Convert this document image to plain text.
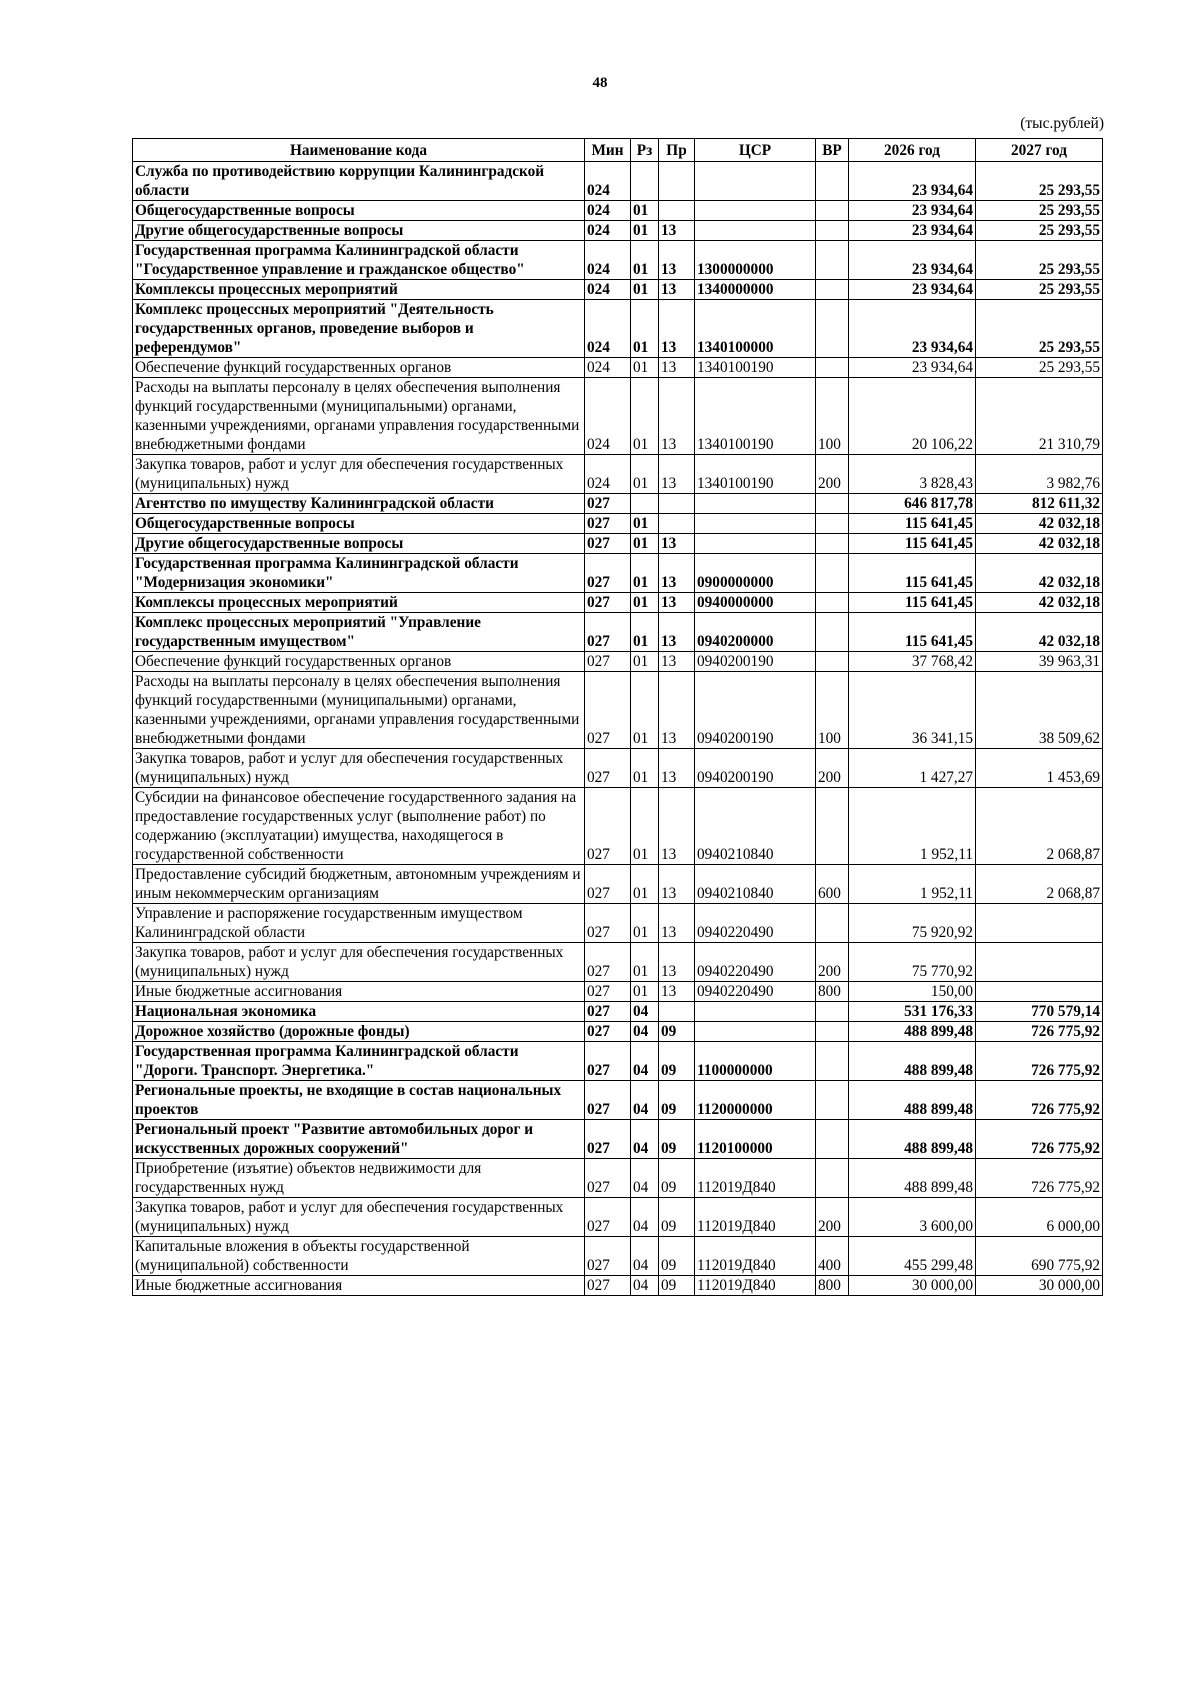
48
(тыс.рублей)
Наименование кода	Мин	Рз	Пр	ЦСР	ВР	2026 год	2027 год
Служба по противодействию коррупции Калининградской области	024					23 934,64	25 293,55
Общегосударственные вопросы	024	01				23 934,64	25 293,55
Другие общегосударственные вопросы	024	01	13			23 934,64	25 293,55
Государственная программа Калининградской области "Государственное управление и гражданское общество"	024	01	13	1300000000		23 934,64	25 293,55
Комплексы процессных мероприятий	024	01	13	1340000000		23 934,64	25 293,55
Комплекс процессных мероприятий "Деятельность государственных органов, проведение выборов и референдумов"	024	01	13	1340100000		23 934,64	25 293,55
Обеспечение функций государственных органов	024	01	13	1340100190		23 934,64	25 293,55
Расходы на выплаты персоналу в целях обеспечения выполнения функций государственными (муниципальными) органами, казенными учреждениями, органами управления государственными внебюджетными фондами	024	01	13	1340100190	100	20 106,22	21 310,79
Закупка товаров, работ и услуг для обеспечения государственных (муниципальных) нужд	024	01	13	1340100190	200	3 828,43	3 982,76
Агентство по имуществу Калининградской области	027					646 817,78	812 611,32
Общегосударственные вопросы	027	01				115 641,45	42 032,18
Другие общегосударственные вопросы	027	01	13			115 641,45	42 032,18
Государственная программа Калининградской области "Модернизация экономики"	027	01	13	0900000000		115 641,45	42 032,18
Комплексы процессных мероприятий	027	01	13	0940000000		115 641,45	42 032,18
Комплекс процессных мероприятий "Управление государственным имуществом"	027	01	13	0940200000		115 641,45	42 032,18
Обеспечение функций государственных органов	027	01	13	0940200190		37 768,42	39 963,31
Расходы на выплаты персоналу в целях обеспечения выполнения функций государственными (муниципальными) органами, казенными учреждениями, органами управления государственными внебюджетными фондами	027	01	13	0940200190	100	36 341,15	38 509,62
Закупка товаров, работ и услуг для обеспечения государственных (муниципальных) нужд	027	01	13	0940200190	200	1 427,27	1 453,69
Субсидии на финансовое обеспечение государственного задания на предоставление государственных услуг (выполнение работ) по содержанию (эксплуатации) имущества, находящегося в государственной собственности	027	01	13	0940210840		1 952,11	2 068,87
Предоставление субсидий бюджетным, автономным учреждениям и иным некоммерческим организациям	027	01	13	0940210840	600	1 952,11	2 068,87
Управление и распоряжение государственным имуществом Калининградской области	027	01	13	0940220490		75 920,92	
Закупка товаров, работ и услуг для обеспечения государственных (муниципальных) нужд	027	01	13	0940220490	200	75 770,92	
Иные бюджетные ассигнования	027	01	13	0940220490	800	150,00	
Национальная экономика	027	04				531 176,33	770 579,14
Дорожное хозяйство (дорожные фонды)	027	04	09			488 899,48	726 775,92
Государственная программа Калининградской области "Дороги. Транспорт. Энергетика."	027	04	09	1100000000		488 899,48	726 775,92
Региональные проекты, не входящие в состав национальных проектов	027	04	09	1120000000		488 899,48	726 775,92
Региональный проект "Развитие автомобильных дорог и искусственных дорожных сооружений"	027	04	09	1120100000		488 899,48	726 775,92
Приобретение (изъятие) объектов недвижимости для государственных нужд	027	04	09	112019Д840		488 899,48	726 775,92
Закупка товаров, работ и услуг для обеспечения государственных (муниципальных) нужд	027	04	09	112019Д840	200	3 600,00	6 000,00
Капитальные вложения в объекты государственной (муниципальной) собственности	027	04	09	112019Д840	400	455 299,48	690 775,92
Иные бюджетные ассигнования	027	04	09	112019Д840	800	30 000,00	30 000,00
